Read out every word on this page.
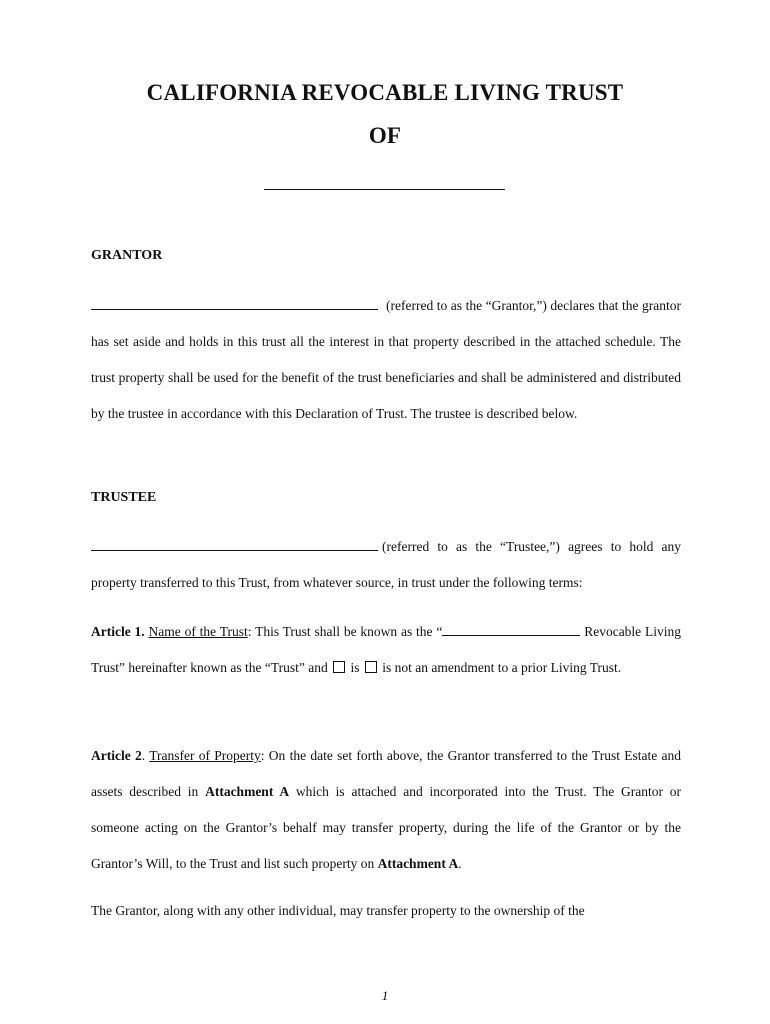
CALIFORNIA REVOCABLE LIVING TRUST
OF
GRANTOR

(referred to as the “Grantor,”) declares that the grantor has set aside and holds in this trust all the interest in that property described in the attached schedule. The trust property shall be used for the benefit of the trust beneficiaries and shall be administered and distributed by the trustee in accordance with this Declaration of Trust. The trustee is described below.

TRUSTEE

(referred to as the “Trustee,”) agrees to hold any property transferred to this Trust, from whatever source, in trust under the following terms:

Article 1. Name of the Trust: This Trust shall be known as the “	Revocable Living Trust” hereinafter known as the “Trust” and is is not an amendment to a prior Living Trust.

Article 2. Transfer of Property: On the date set forth above, the Grantor transferred to the Trust Estate and assets described in Attachment A which is attached and incorporated into the Trust. The Grantor or someone acting on the Grantor’s behalf may transfer property, during the life of the Grantor or by the Grantor’s Will, to the Trust and list such property on Attachment A.

The Grantor, along with any other individual, may transfer property to the ownership of the

1
